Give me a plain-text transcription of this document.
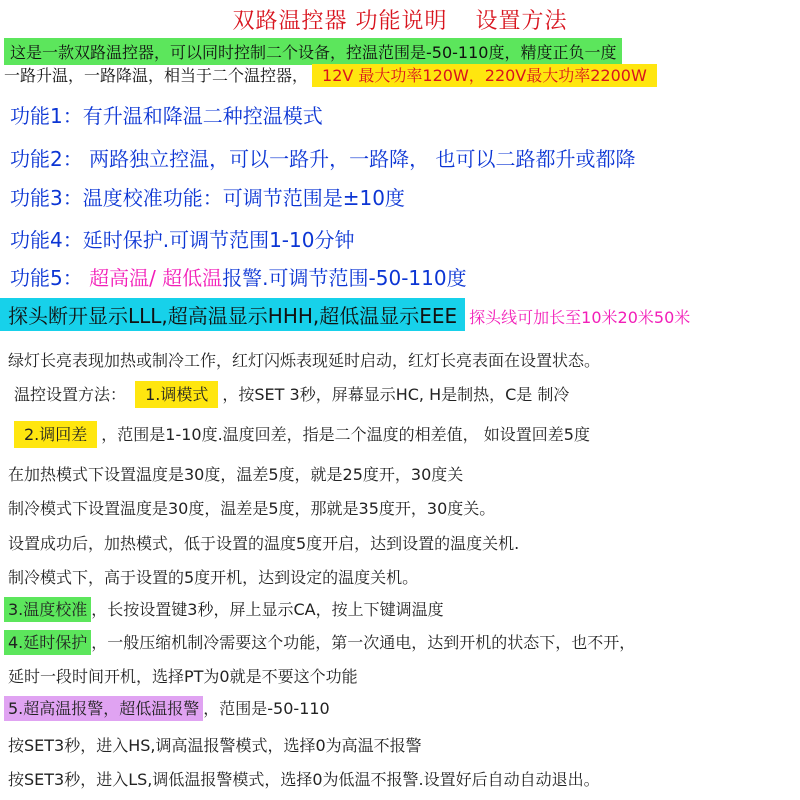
双路温控器 功能说明 设置方法
这是一款双路温控器，可以同时控制二个设备，控温范围是-50-110度，精度正负一度
一路升温，一路降温，相当于二个温控器， 12V 最大功率120W，220V最大功率2200W
功能1：有升温和降温二种控温模式
功能2： 两路独立控温，可以一路升，一路降， 也可以二路都升或都降
功能3：温度校准功能：可调节范围是±10度
功能4：延时保护.可调节范围1-10分钟
功能5： 超高温/ 超低温报警.可调节范围-50-110度
探头断开显示LLL,超高温显示HHH,超低温显示EEE 探头线可加长至10米20米50米
绿灯长亮表现加热或制冷工作，红灯闪烁表现延时启动，红灯长亮表面在设置状态。
温控设置方法： 1.调模式 ，按SET 3秒，屏幕显示HC, H是制热，C是 制冷
2.调回差 ，范围是1-10度.温度回差，指是二个温度的相差值， 如设置回差5度
在加热模式下设置温度是30度，温差5度，就是25度开，30度关
制冷模式下设置温度是30度，温差是5度，那就是35度开，30度关。
设置成功后，加热模式，低于设置的温度5度开启，达到设置的温度关机.
制冷模式下，高于设置的5度开机，达到设定的温度关机。
3.温度校准 ，长按设置键3秒，屏上显示CA，按上下键调温度
4.延时保护 ，一般压缩机制冷需要这个功能，第一次通电，达到开机的状态下，也不开，
延时一段时间开机，选择PT为0就是不要这个功能
5.超高温报警，超低温报警 ，范围是-50-110
按SET3秒，进入HS,调高温报警模式，选择0为高温不报警
按SET3秒，进入LS,调低温报警模式，选择0为低温不报警.设置好后自动自动退出。
